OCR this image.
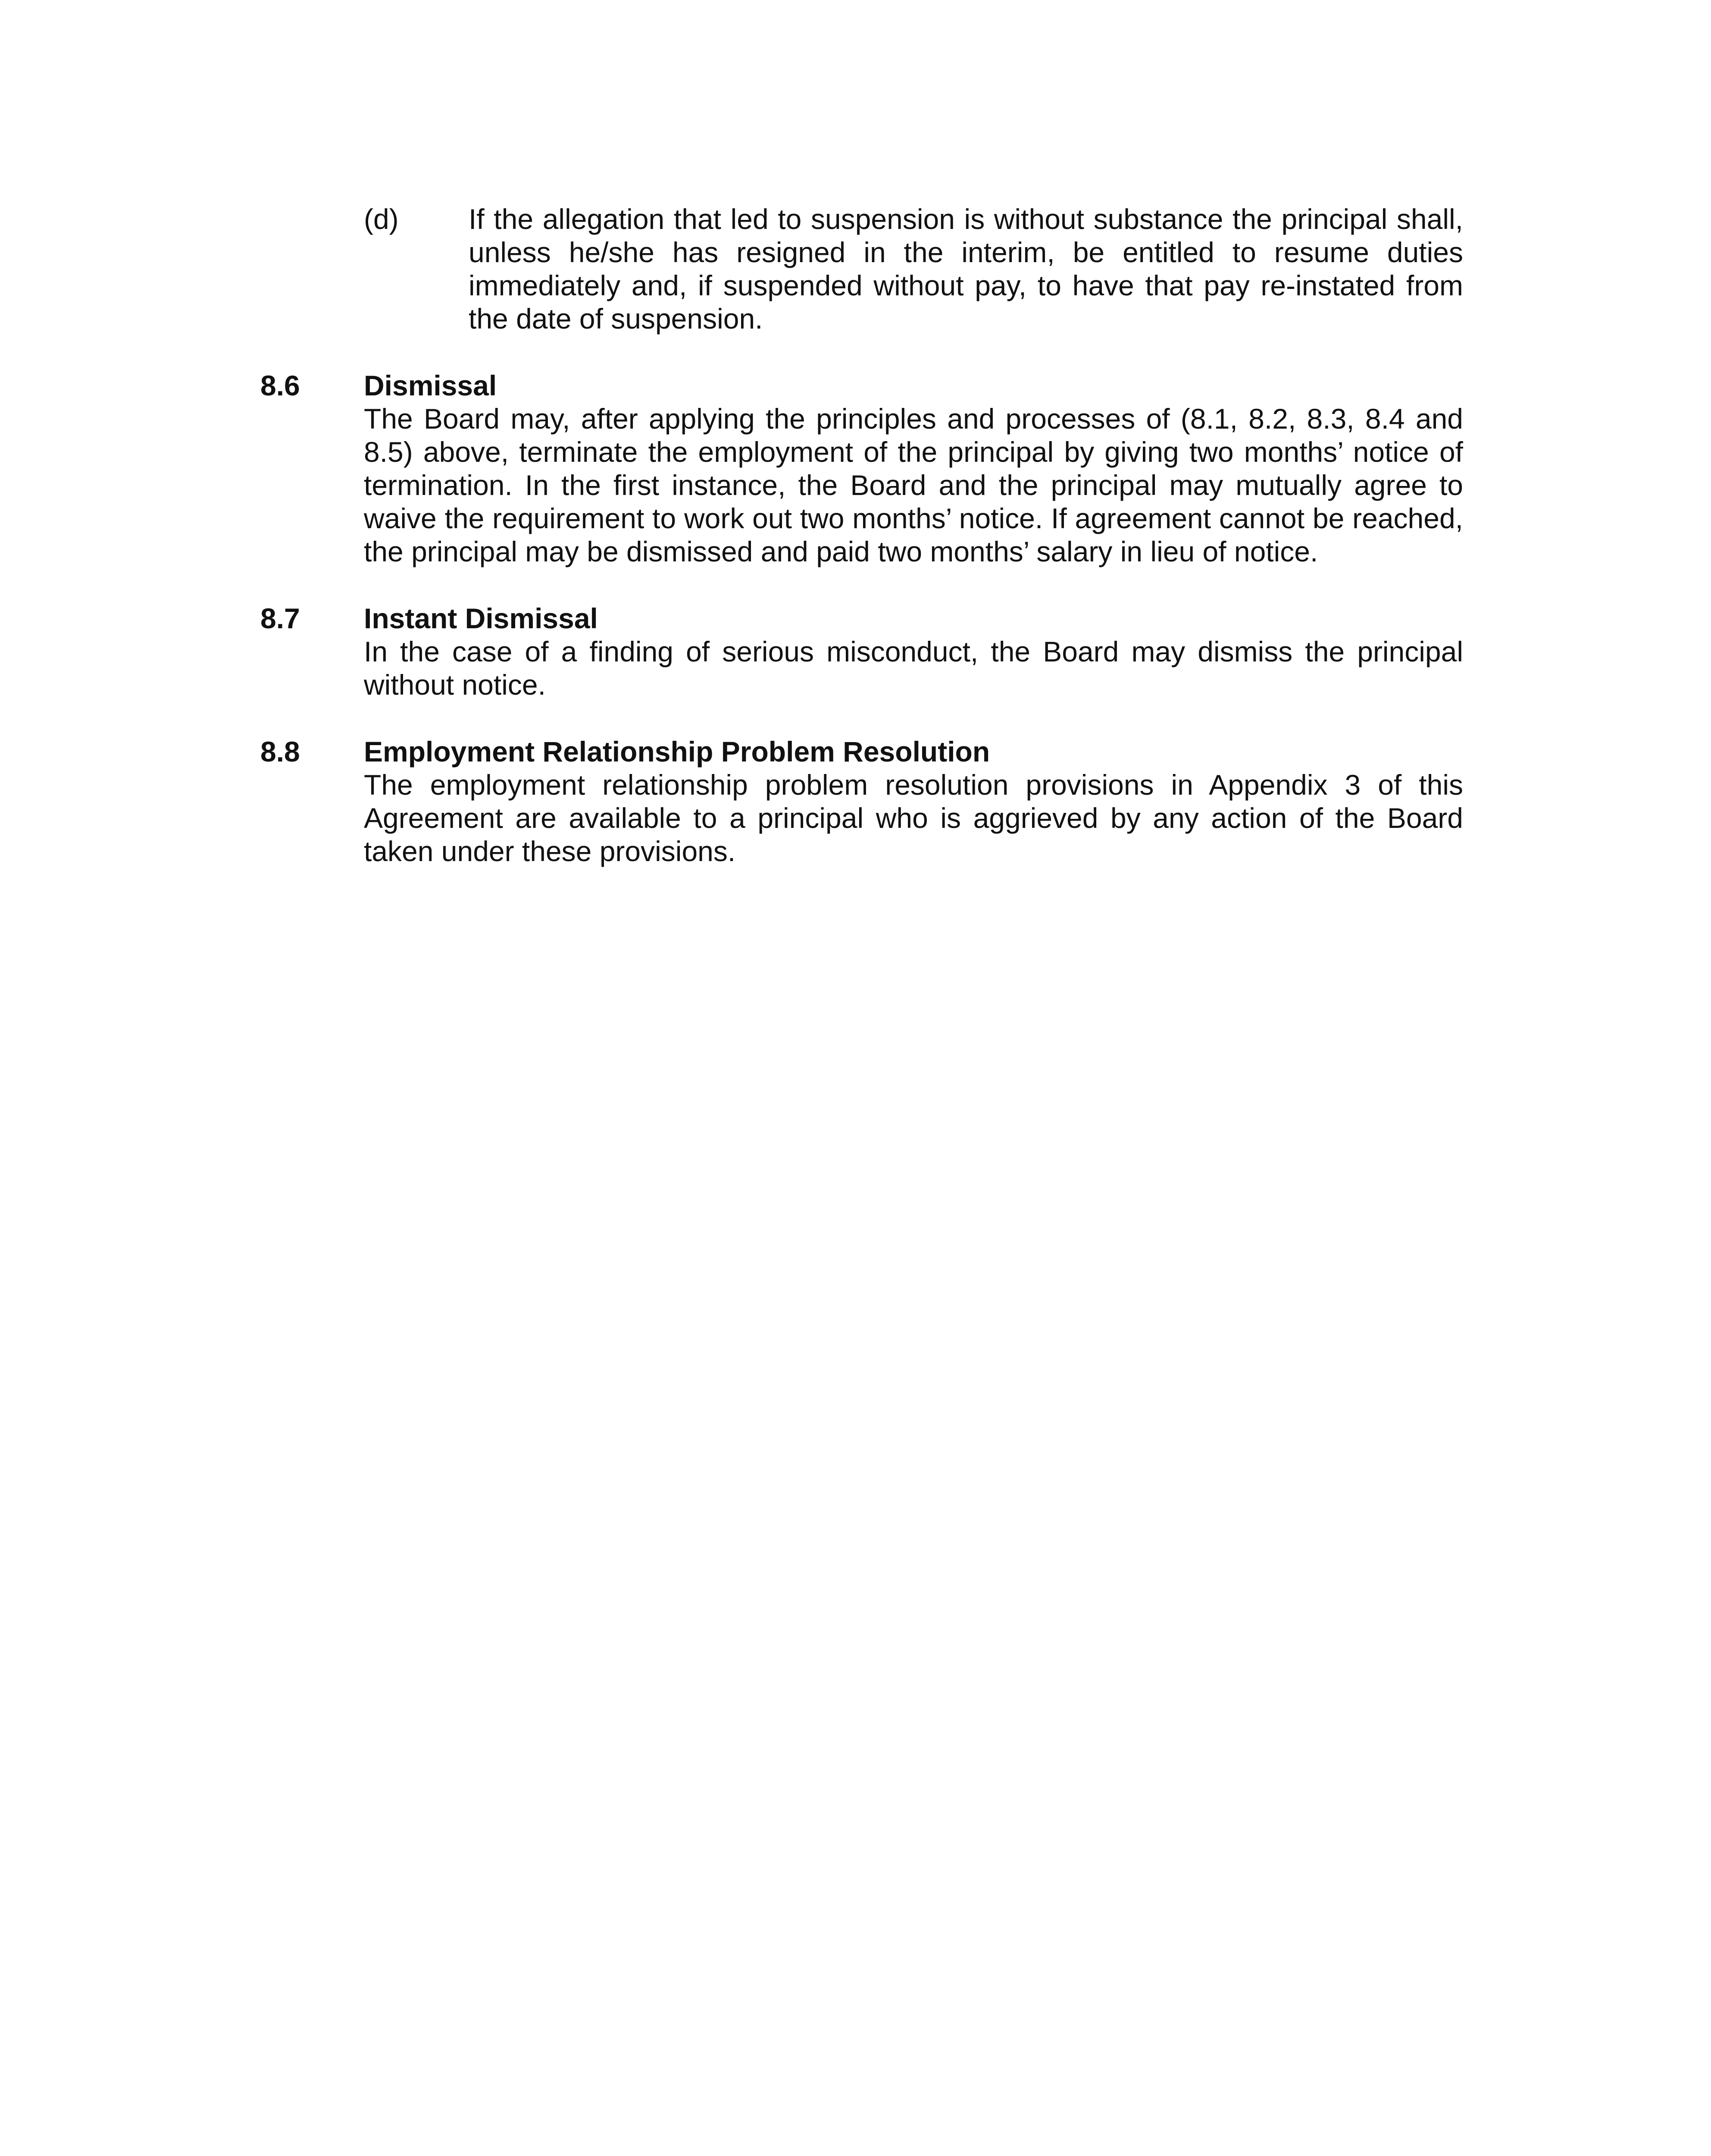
(d) If the allegation that led to suspension is without substance the principal shall, unless he/she has resigned in the interim, be entitled to resume duties immediately and, if suspended without pay, to have that pay re-instated from the date of suspension.
8.6 Dismissal
The Board may, after applying the principles and processes of (8.1, 8.2, 8.3, 8.4 and 8.5) above, terminate the employment of the principal by giving two months’ notice of termination. In the first instance, the Board and the principal may mutually agree to waive the requirement to work out two months’ notice. If agreement cannot be reached, the principal may be dismissed and paid two months’ salary in lieu of notice.
8.7 Instant Dismissal
In the case of a finding of serious misconduct, the Board may dismiss the principal without notice.
8.8 Employment Relationship Problem Resolution
The employment relationship problem resolution provisions in Appendix 3 of this Agreement are available to a principal who is aggrieved by any action of the Board taken under these provisions.
